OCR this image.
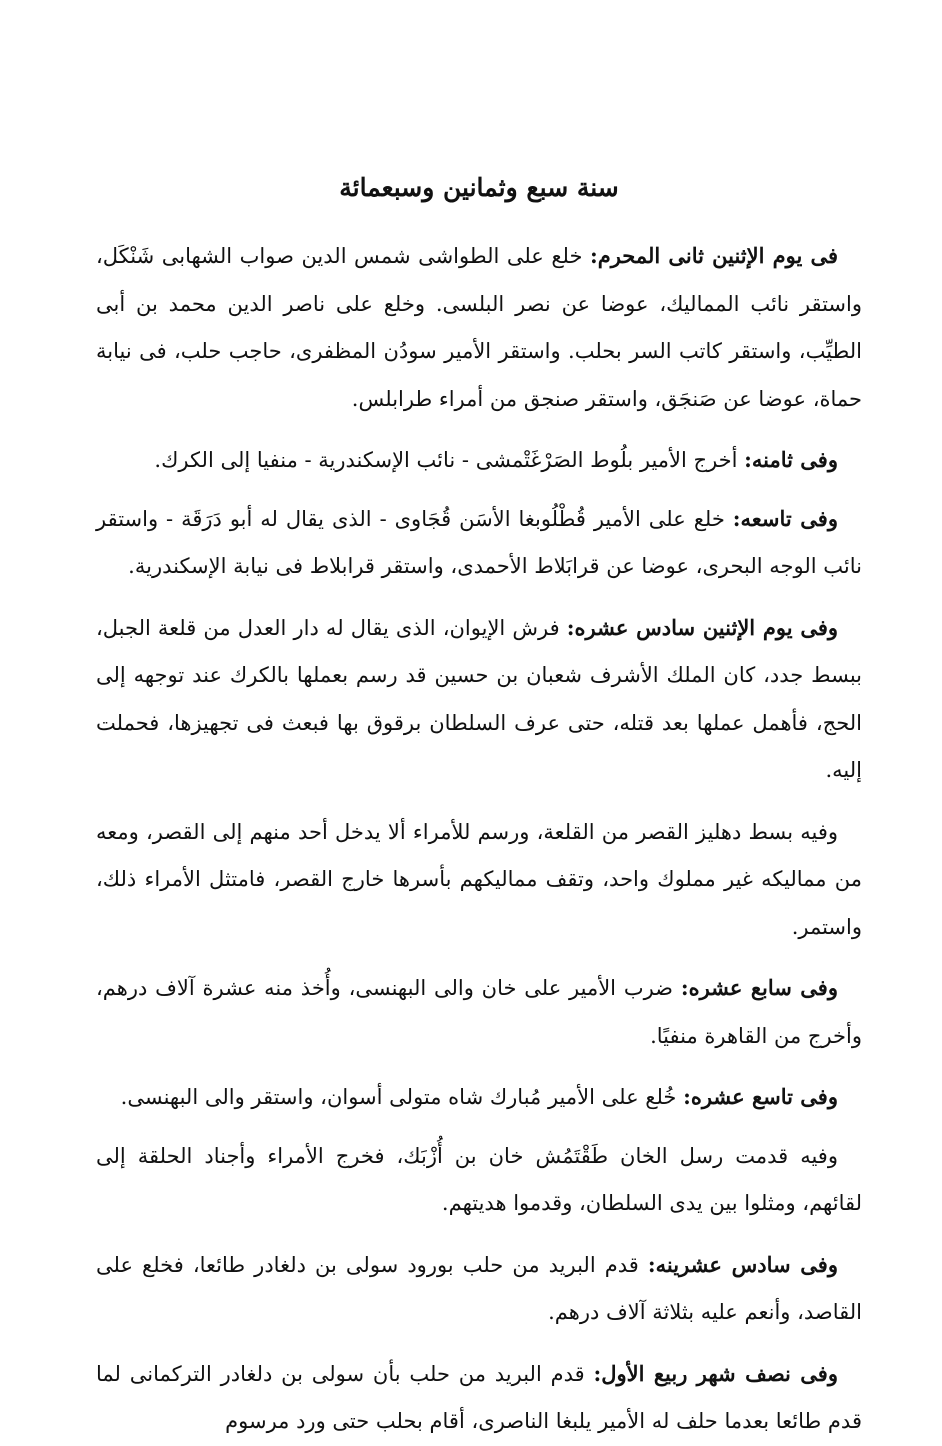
سنة سبع وثمانين وسبعمائة

فى يوم الإثنين ثانى المحرم: خلع على الطواشى شمس الدين صواب الشهابى شَنْكَل، واستقر نائب المماليك، عوضا عن نصر البلسى. وخلع على ناصر الدين محمد بن أبى الطيِّب، واستقر كاتب السر بحلب. واستقر الأمير سودُن المظفرى، حاجب حلب، فى نيابة حماة، عوضا عن صَنجَق، واستقر صنجق من أمراء طرابلس.

وفى ثامنه: أخرج الأمير بلُوط الصَرْغَتْمشى - نائب الإسكندرية - منفيا إلى الكرك.

وفى تاسعه: خلع على الأمير قُطْلُوبغا الأسَن قُجَاوى - الذى يقال له أبو دَرَقَة - واستقر نائب الوجه البحرى، عوضا عن قرابَلاط الأحمدى، واستقر قرابلاط فى نيابة الإسكندرية.

وفى يوم الإثنين سادس عشره: فرش الإيوان، الذى يقال له دار العدل من قلعة الجبل، ببسط جدد، كان الملك الأشرف شعبان بن حسين قد رسم بعملها بالكرك عند توجهه إلى الحج، فأهمل عملها بعد قتله، حتى عرف السلطان برقوق بها فبعث فى تجهيزها، فحملت إليه.

وفيه بسط دهليز القصر من القلعة، ورسم للأمراء ألا يدخل أحد منهم إلى القصر، ومعه من مماليكه غير مملوك واحد، وتقف مماليكهم بأسرها خارج القصر، فامتثل الأمراء ذلك، واستمر.

وفى سابع عشره: ضرب الأمير على خان والى البهنسى، وأُخذ منه عشرة آلاف درهم، وأخرج من القاهرة منفيًا.

وفى تاسع عشره: خُلع على الأمير مُبارك شاه متولى أسوان، واستقر والى البهنسى.

وفيه قدمت رسل الخان طَقْتَمُش خان بن أُزْبَك، فخرج الأمراء وأجناد الحلقة إلى لقائهم، ومثلوا بين يدى السلطان، وقدموا هديتهم.

وفى سادس عشرينه: قدم البريد من حلب بورود سولى بن دلغادر طائعا، فخلع على القاصد، وأنعم عليه بثلاثة آلاف درهم.

وفى نصف شهر ربيع الأول: قدم البريد من حلب بأن سولى بن دلغادر التركمانى لما قدم طائعا بعدما حلف له الأمير يلبغا الناصرى، أقام بحلب حتى ورد مرسوم
